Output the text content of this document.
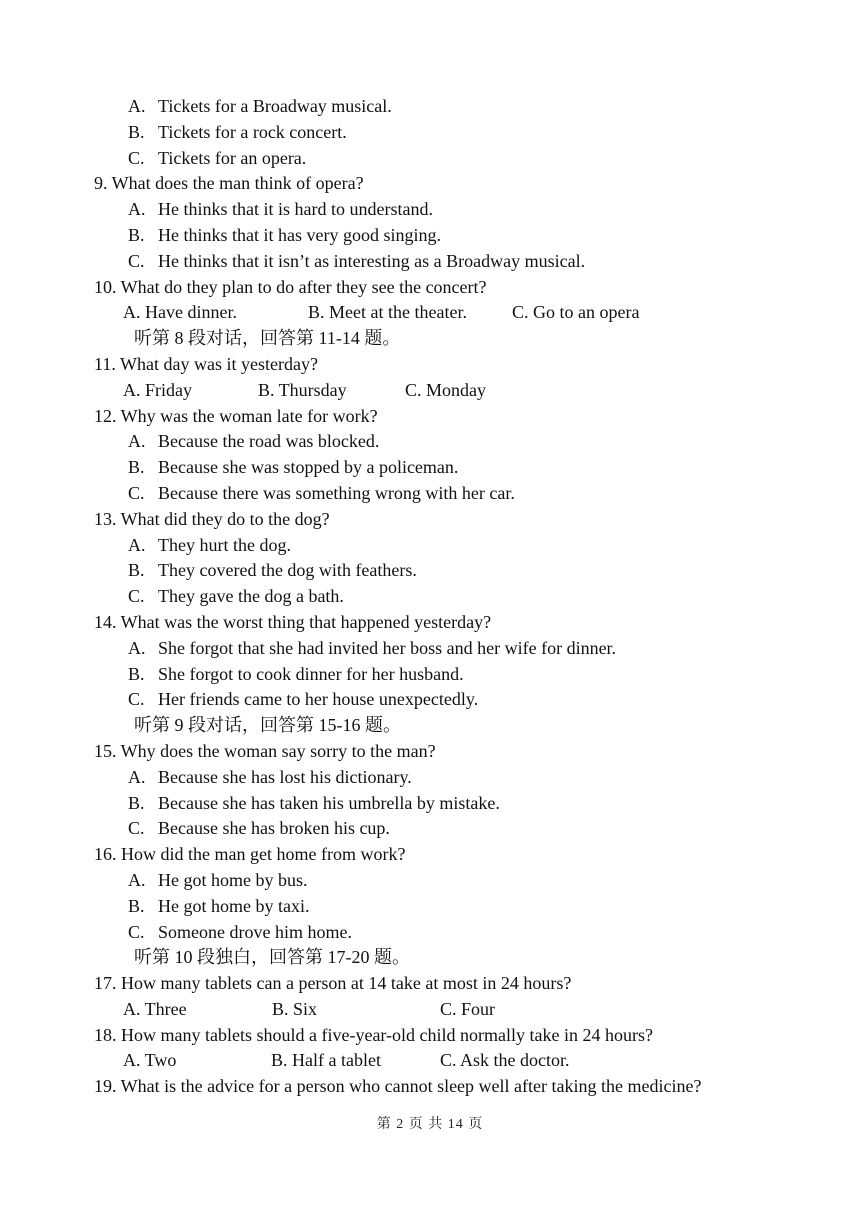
A. Tickets for a Broadway musical.
B. Tickets for a rock concert.
C. Tickets for an opera.
9. What does the man think of opera?
A. He thinks that it is hard to understand.
B. He thinks that it has very good singing.
C. He thinks that it isn’t as interesting as a Broadway musical.
10. What do they plan to do after they see the concert?
A. Have dinner.	B. Meet at the theater.	C. Go to an opera
听第 8 段对话，回答第 11-14 题。
11. What day was it yesterday?
A. Friday	B. Thursday	C. Monday
12. Why was the woman late for work?
A. Because the road was blocked.
B. Because she was stopped by a policeman.
C. Because there was something wrong with her car.
13. What did they do to the dog?
A. They hurt the dog.
B. They covered the dog with feathers.
C. They gave the dog a bath.
14. What was the worst thing that happened yesterday?
A. She forgot that she had invited her boss and her wife for dinner.
B. She forgot to cook dinner for her husband.
C. Her friends came to her house unexpectedly.
听第 9 段对话，回答第 15-16 题。
15. Why does the woman say sorry to the man?
A. Because she has lost his dictionary.
B. Because she has taken his umbrella by mistake.
C. Because she has broken his cup.
16. How did the man get home from work?
A. He got home by bus.
B. He got home by taxi.
C. Someone drove him home.
听第 10 段独白，回答第 17-20 题。
17. How many tablets can a person at 14 take at most in 24 hours?
A. Three	B. Six	C. Four
18. How many tablets should a five-year-old child normally take in 24 hours?
A. Two	B. Half a tablet	C. Ask the doctor.
19. What is the advice for a person who cannot sleep well after taking the medicine?
第 2 页 共 14 页
